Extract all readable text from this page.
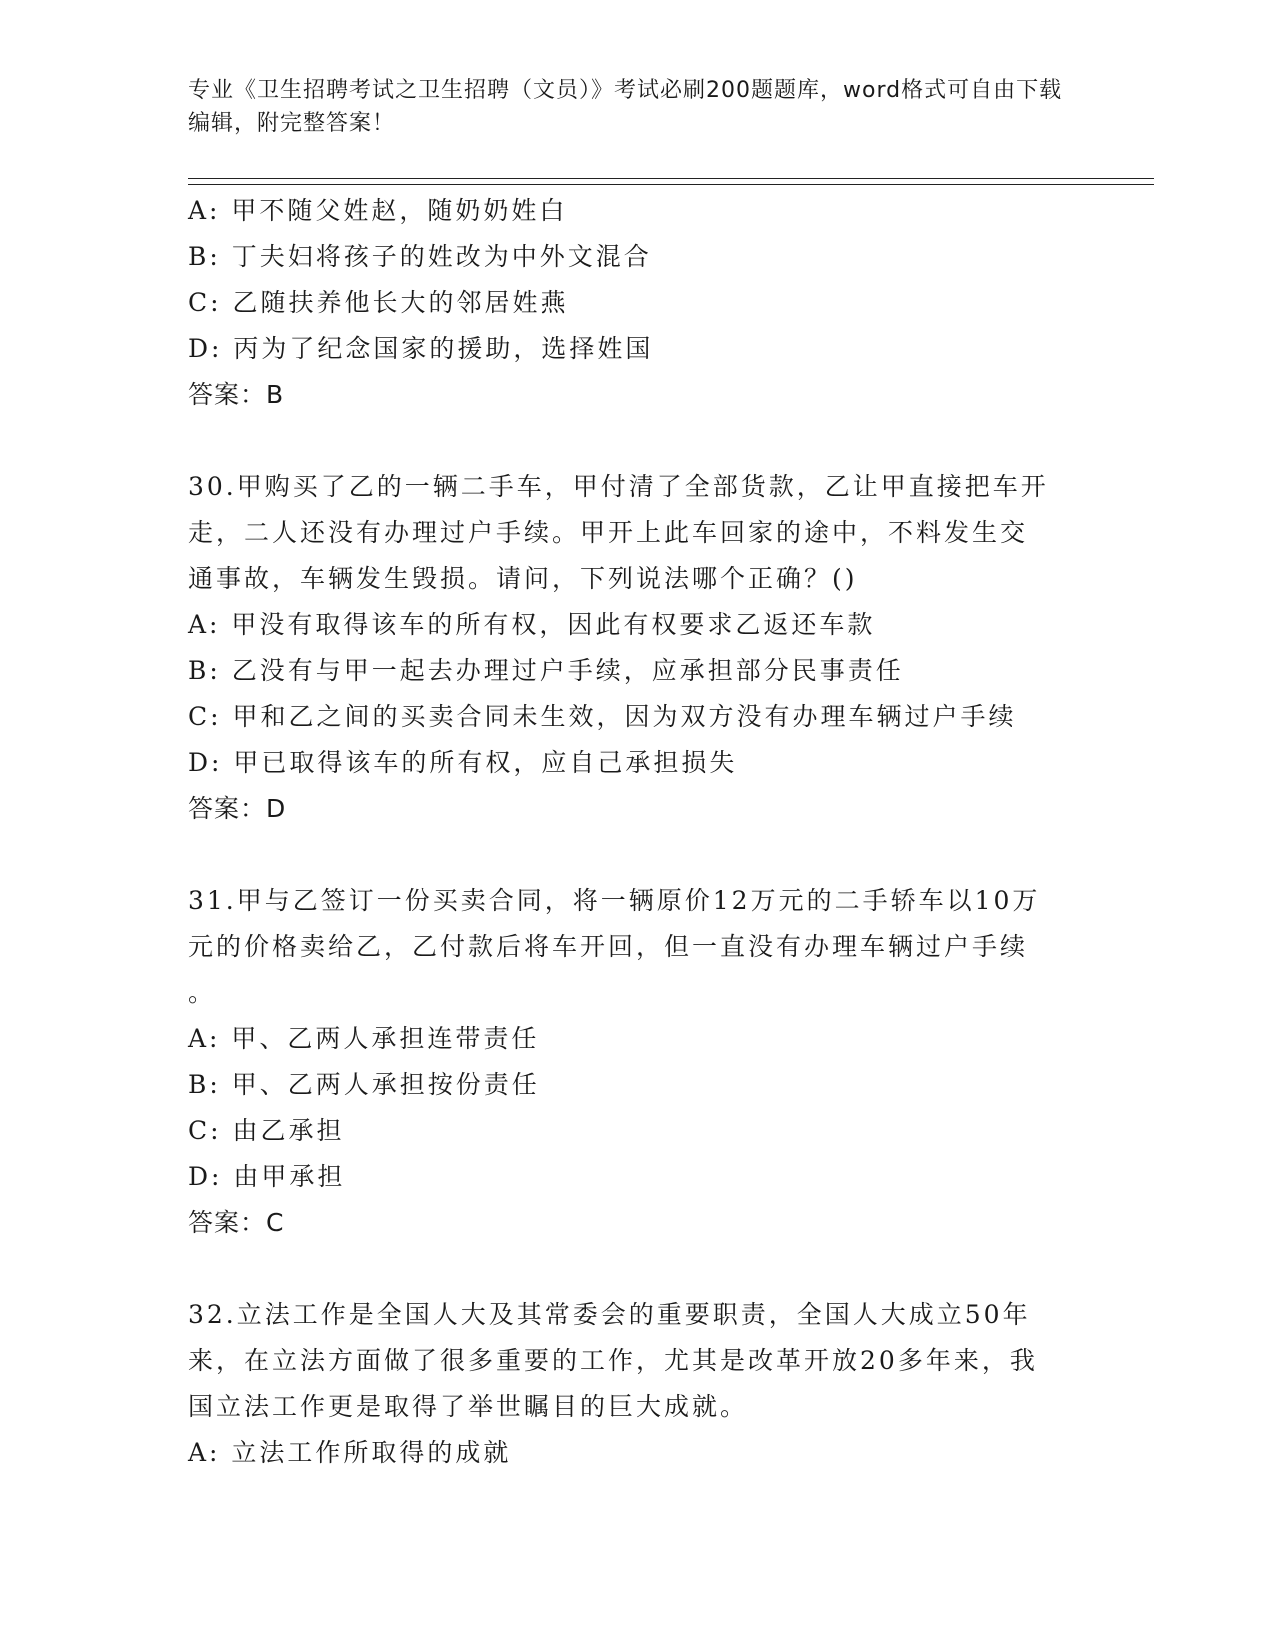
专业《卫生招聘考试之卫生招聘（文员）》考试必刷200题题库，word格式可自由下载编辑，附完整答案！
A: 甲不随父姓赵，随奶奶姓白
B: 丁夫妇将孩子的姓改为中外文混合
C: 乙随扶养他长大的邻居姓燕
D: 丙为了纪念国家的援助，选择姓国
答案：B
30.甲购买了乙的一辆二手车，甲付清了全部货款，乙让甲直接把车开
走，二人还没有办理过户手续。甲开上此车回家的途中，不料发生交
通事故，车辆发生毁损。请问，下列说法哪个正确？()
A: 甲没有取得该车的所有权，因此有权要求乙返还车款
B: 乙没有与甲一起去办理过户手续，应承担部分民事责任
C: 甲和乙之间的买卖合同未生效，因为双方没有办理车辆过户手续
D: 甲已取得该车的所有权，应自己承担损失
答案：D
31.甲与乙签订一份买卖合同，将一辆原价12万元的二手轿车以10万
元的价格卖给乙，乙付款后将车开回，但一直没有办理车辆过户手续
。
A: 甲、乙两人承担连带责任
B: 甲、乙两人承担按份责任
C: 由乙承担
D: 由甲承担
答案：C
32.立法工作是全国人大及其常委会的重要职责，全国人大成立50年
来，在立法方面做了很多重要的工作，尤其是改革开放20多年来，我
国立法工作更是取得了举世瞩目的巨大成就。
A: 立法工作所取得的成就
